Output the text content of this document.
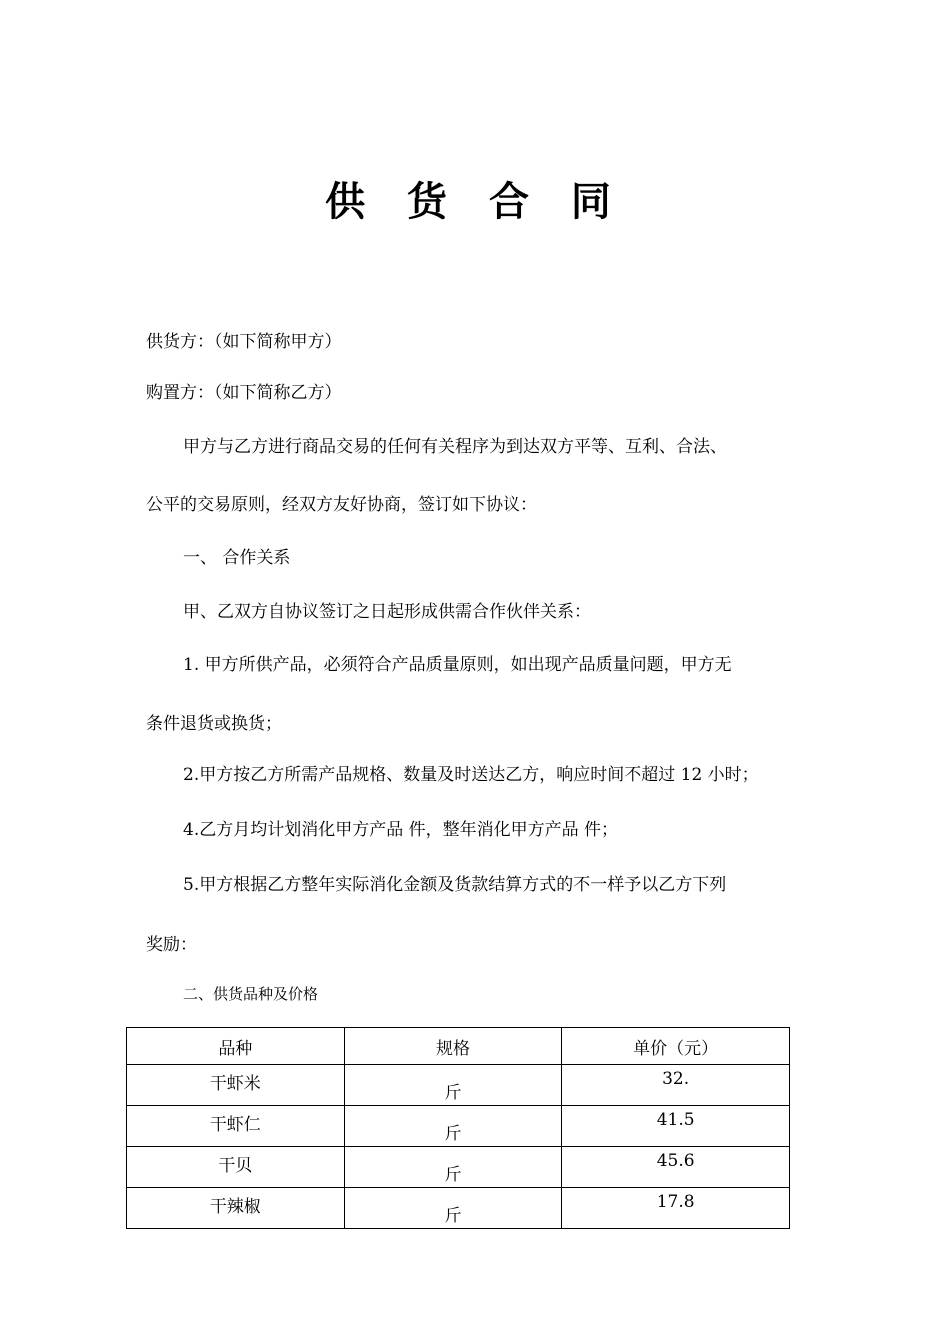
供 货 合 同
供货方：（如下简称甲方）
购置方：（如下简称乙方）
甲方与乙方进行商品交易的任何有关程序为到达双方平等、互利、合法、
公平的交易原则，经双方友好协商，签订如下协议：
一、 合作关系
甲、乙双方自协议签订之日起形成供需合作伙伴关系：
1. 甲方所供产品，必须符合产品质量原则，如出现产品质量问题，甲方无
条件退货或换货；
2.甲方按乙方所需产品规格、数量及时送达乙方，响应时间不超过 12 小时；
4.乙方月均计划消化甲方产品 件，整年消化甲方产品 件；
5.甲方根据乙方整年实际消化金额及货款结算方式的不一样予以乙方下列
奖励：
二、供货品种及价格
品种	规格	单价（元）
干虾米	斤	32.
干虾仁	斤	41.5
干贝	斤	45.6
干辣椒	斤	17.8
